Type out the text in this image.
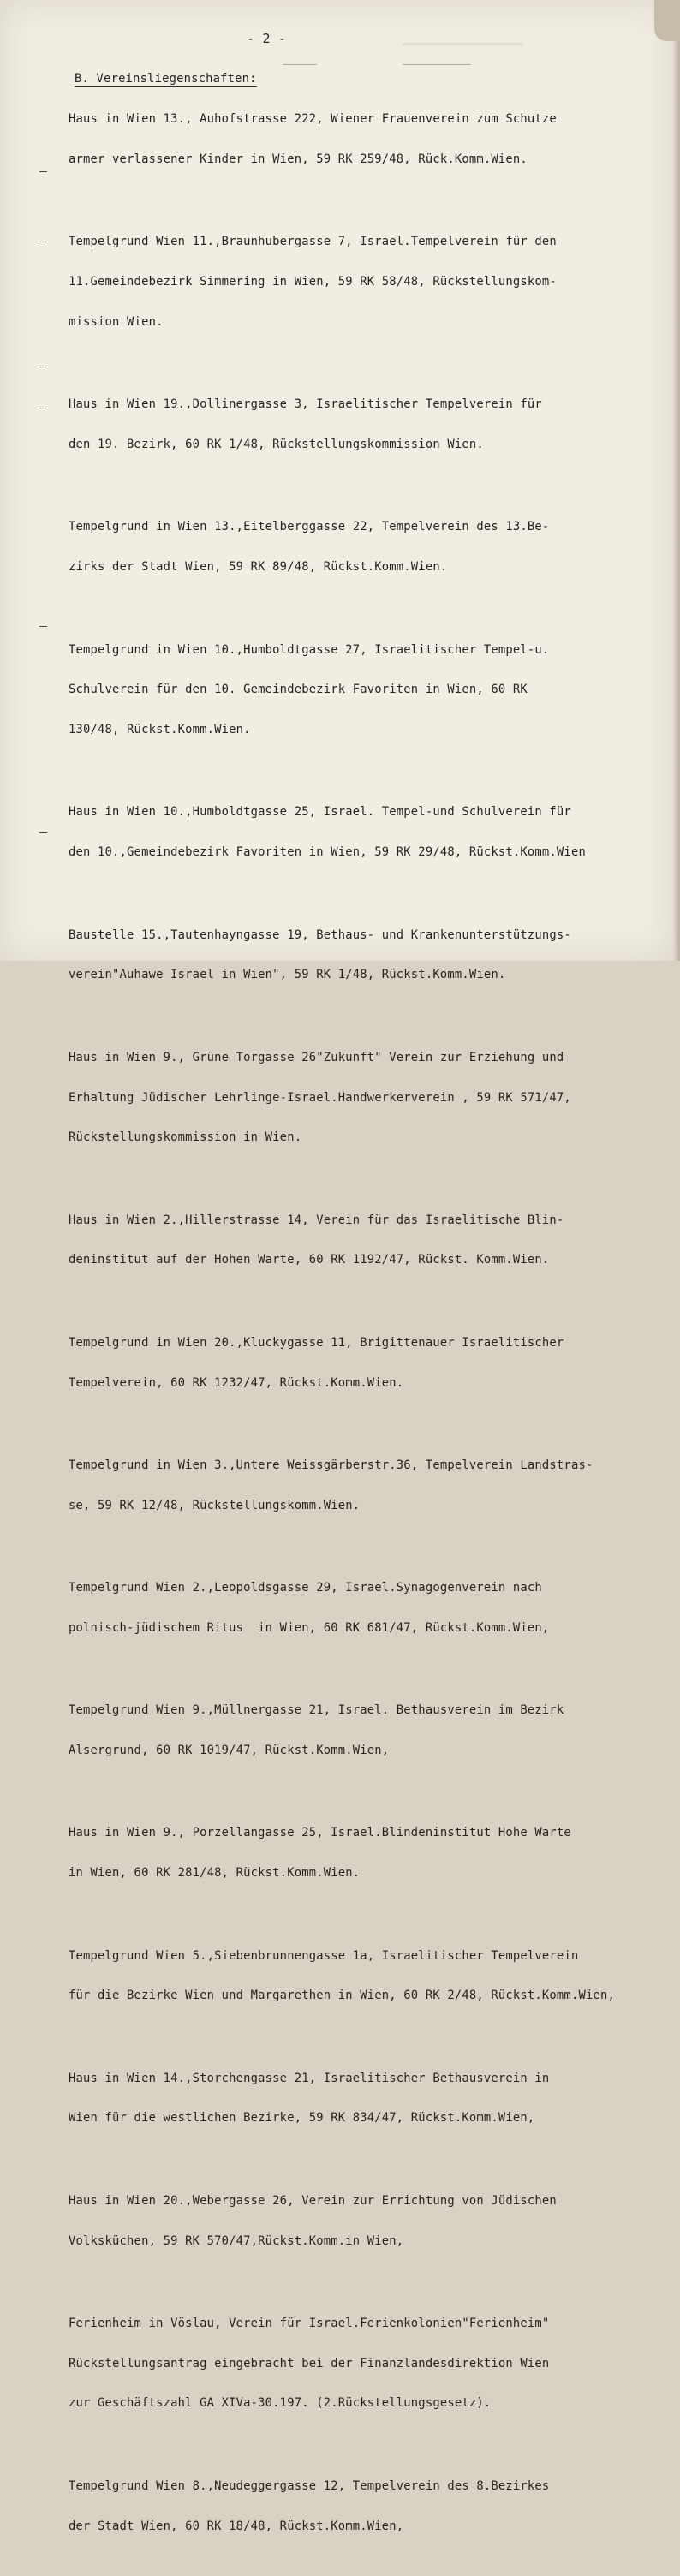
▬▬▬▬▬▬▬▬▬▬▬▬▬▬▬▬▬▬
- 2 -

B. Vereinsliegenschaften:

Haus in Wien 13., Auhofstrasse 222, Wiener Frauenverein zum Schutze

armer verlassener Kinder in Wien, 59 RK 259/48, Rück.Komm.Wien.

Tempelgrund Wien 11.,Braunhubergasse 7, Israel.Tempelverein für den

11.Gemeindebezirk Simmering in Wien, 59 RK 58/48, Rückstellungskom-

mission Wien.

Haus in Wien 19.,Dollinergasse 3, Israelitischer Tempelverein für

den 19. Bezirk, 60 RK 1/48, Rückstellungskommission Wien.

Tempelgrund in Wien 13.,Eitelberggasse 22, Tempelverein des 13.Be-

zirks der Stadt Wien, 59 RK 89/48, Rückst.Komm.Wien.

Tempelgrund in Wien 10.,Humboldtgasse 27, Israelitischer Tempel-u.

Schulverein für den 10. Gemeindebezirk Favoriten in Wien, 60 RK

130/48, Rückst.Komm.Wien.

Haus in Wien 10.,Humboldtgasse 25, Israel. Tempel-und Schulverein für

den 10.,Gemeindebezirk Favoriten in Wien, 59 RK 29/48, Rückst.Komm.Wien

Baustelle 15.,Tautenhayngasse 19, Bethaus- und Krankenunterstützungs-

verein"Auhawe Israel in Wien", 59 RK 1/48, Rückst.Komm.Wien.

Haus in Wien 9., Grüne Torgasse 26"Zukunft" Verein zur Erziehung und

Erhaltung Jüdischer Lehrlinge-Israel.Handwerkerverein , 59 RK 571/47,

Rückstellungskommission in Wien.

Haus in Wien 2.,Hillerstrasse 14, Verein für das Israelitische Blin-

deninstitut auf der Hohen Warte, 60 RK 1192/47, Rückst. Komm.Wien.

Tempelgrund in Wien 20.,Kluckygasse 11, Brigittenauer Israelitischer

Tempelverein, 60 RK 1232/47, Rückst.Komm.Wien.

Tempelgrund in Wien 3.,Untere Weissgärberstr.36, Tempelverein Landstras-

se, 59 RK 12/48, Rückstellungskomm.Wien.

Tempelgrund Wien 2.,Leopoldsgasse 29, Israel.Synagogenverein nach

polnisch-jüdischem Ritus  in Wien, 60 RK 681/47, Rückst.Komm.Wien,

Tempelgrund Wien 9.,Müllnergasse 21, Israel. Bethausverein im Bezirk

Alsergrund, 60 RK 1019/47, Rückst.Komm.Wien,

Haus in Wien 9., Porzellangasse 25, Israel.Blindeninstitut Hohe Warte

in Wien, 60 RK 281/48, Rückst.Komm.Wien.

Tempelgrund Wien 5.,Siebenbrunnengasse 1a, Israelitischer Tempelverein

für die Bezirke Wien und Margarethen in Wien, 60 RK 2/48, Rückst.Komm.Wien,

Haus in Wien 14.,Storchengasse 21, Israelitischer Bethausverein in

Wien für die westlichen Bezirke, 59 RK 834/47, Rückst.Komm.Wien,

Haus in Wien 20.,Webergasse 26, Verein zur Errichtung von Jüdischen

Volksküchen, 59 RK 570/47,Rückst.Komm.in Wien,

Ferienheim in Vöslau, Verein für Israel.Ferienkolonien"Ferienheim"

Rückstellungsantrag eingebracht bei der Finanzlandesdirektion Wien

zur Geschäftszahl GA XIVa-30.197. (2.Rückstellungsgesetz).

Tempelgrund Wien 8.,Neudeggergasse 12, Tempelverein des 8.Bezirkes

der Stadt Wien, 60 RK 18/48, Rückst.Komm.Wien,
